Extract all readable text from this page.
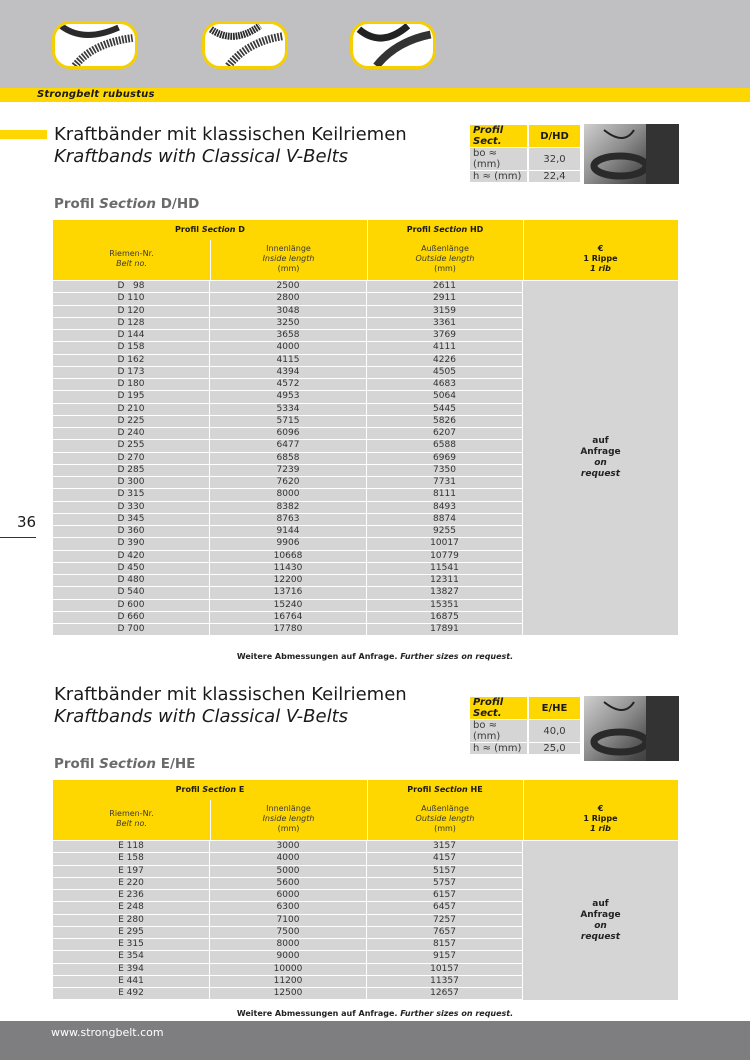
Strongbelt rubustus
Kraftbänder mit klassischen Keilriemen
Kraftbands with Classical V-Belts
Profil Sect.	D/HD
bo ≈ (mm)	32,0
h ≈ (mm)	22,4
Profil Section D/HD
Profil Section D	Profil Section HD
Riemen-Nr.
Belt no.
Innenlänge
Inside length
(mm)
Außenlänge
Outside length
(mm)
€
1 Rippe
1 rib
D   98	2500	2611
D 110	2800	2911
D 120	3048	3159
D 128	3250	3361
D 144	3658	3769
D 158	4000	4111
D 162	4115	4226
D 173	4394	4505
D 180	4572	4683
D 195	4953	5064
D 210	5334	5445
D 225	5715	5826
D 240	6096	6207
D 255	6477	6588
D 270	6858	6969
D 285	7239	7350
D 300	7620	7731
D 315	8000	8111
D 330	8382	8493
D 345	8763	8874
D 360	9144	9255
D 390	9906	10017
D 420	10668	10779
D 450	11430	11541
D 480	12200	12311
D 540	13716	13827
D 600	15240	15351
D 660	16764	16875
D 700	17780	17891
auf
Anfrage
on
request
Weitere Abmessungen auf Anfrage. Further sizes on request.
36
Kraftbänder mit klassischen Keilriemen
Kraftbands with Classical V-Belts
Profil Sect.	E/HE
bo ≈ (mm)	40,0
h ≈ (mm)	25,0
Profil Section E/HE
Profil Section E	Profil Section HE
Riemen-Nr.
Belt no.
Innenlänge
Inside length
(mm)
Außenlänge
Outside length
(mm)
€
1 Rippe
1 rib
E 118	3000	3157
E 158	4000	4157
E 197	5000	5157
E 220	5600	5757
E 236	6000	6157
E 248	6300	6457
E 280	7100	7257
E 295	7500	7657
E 315	8000	8157
E 354	9000	9157
E 394	10000	10157
E 441	11200	11357
E 492	12500	12657
auf
Anfrage
on
request
Weitere Abmessungen auf Anfrage. Further sizes on request.
www.strongbelt.com
